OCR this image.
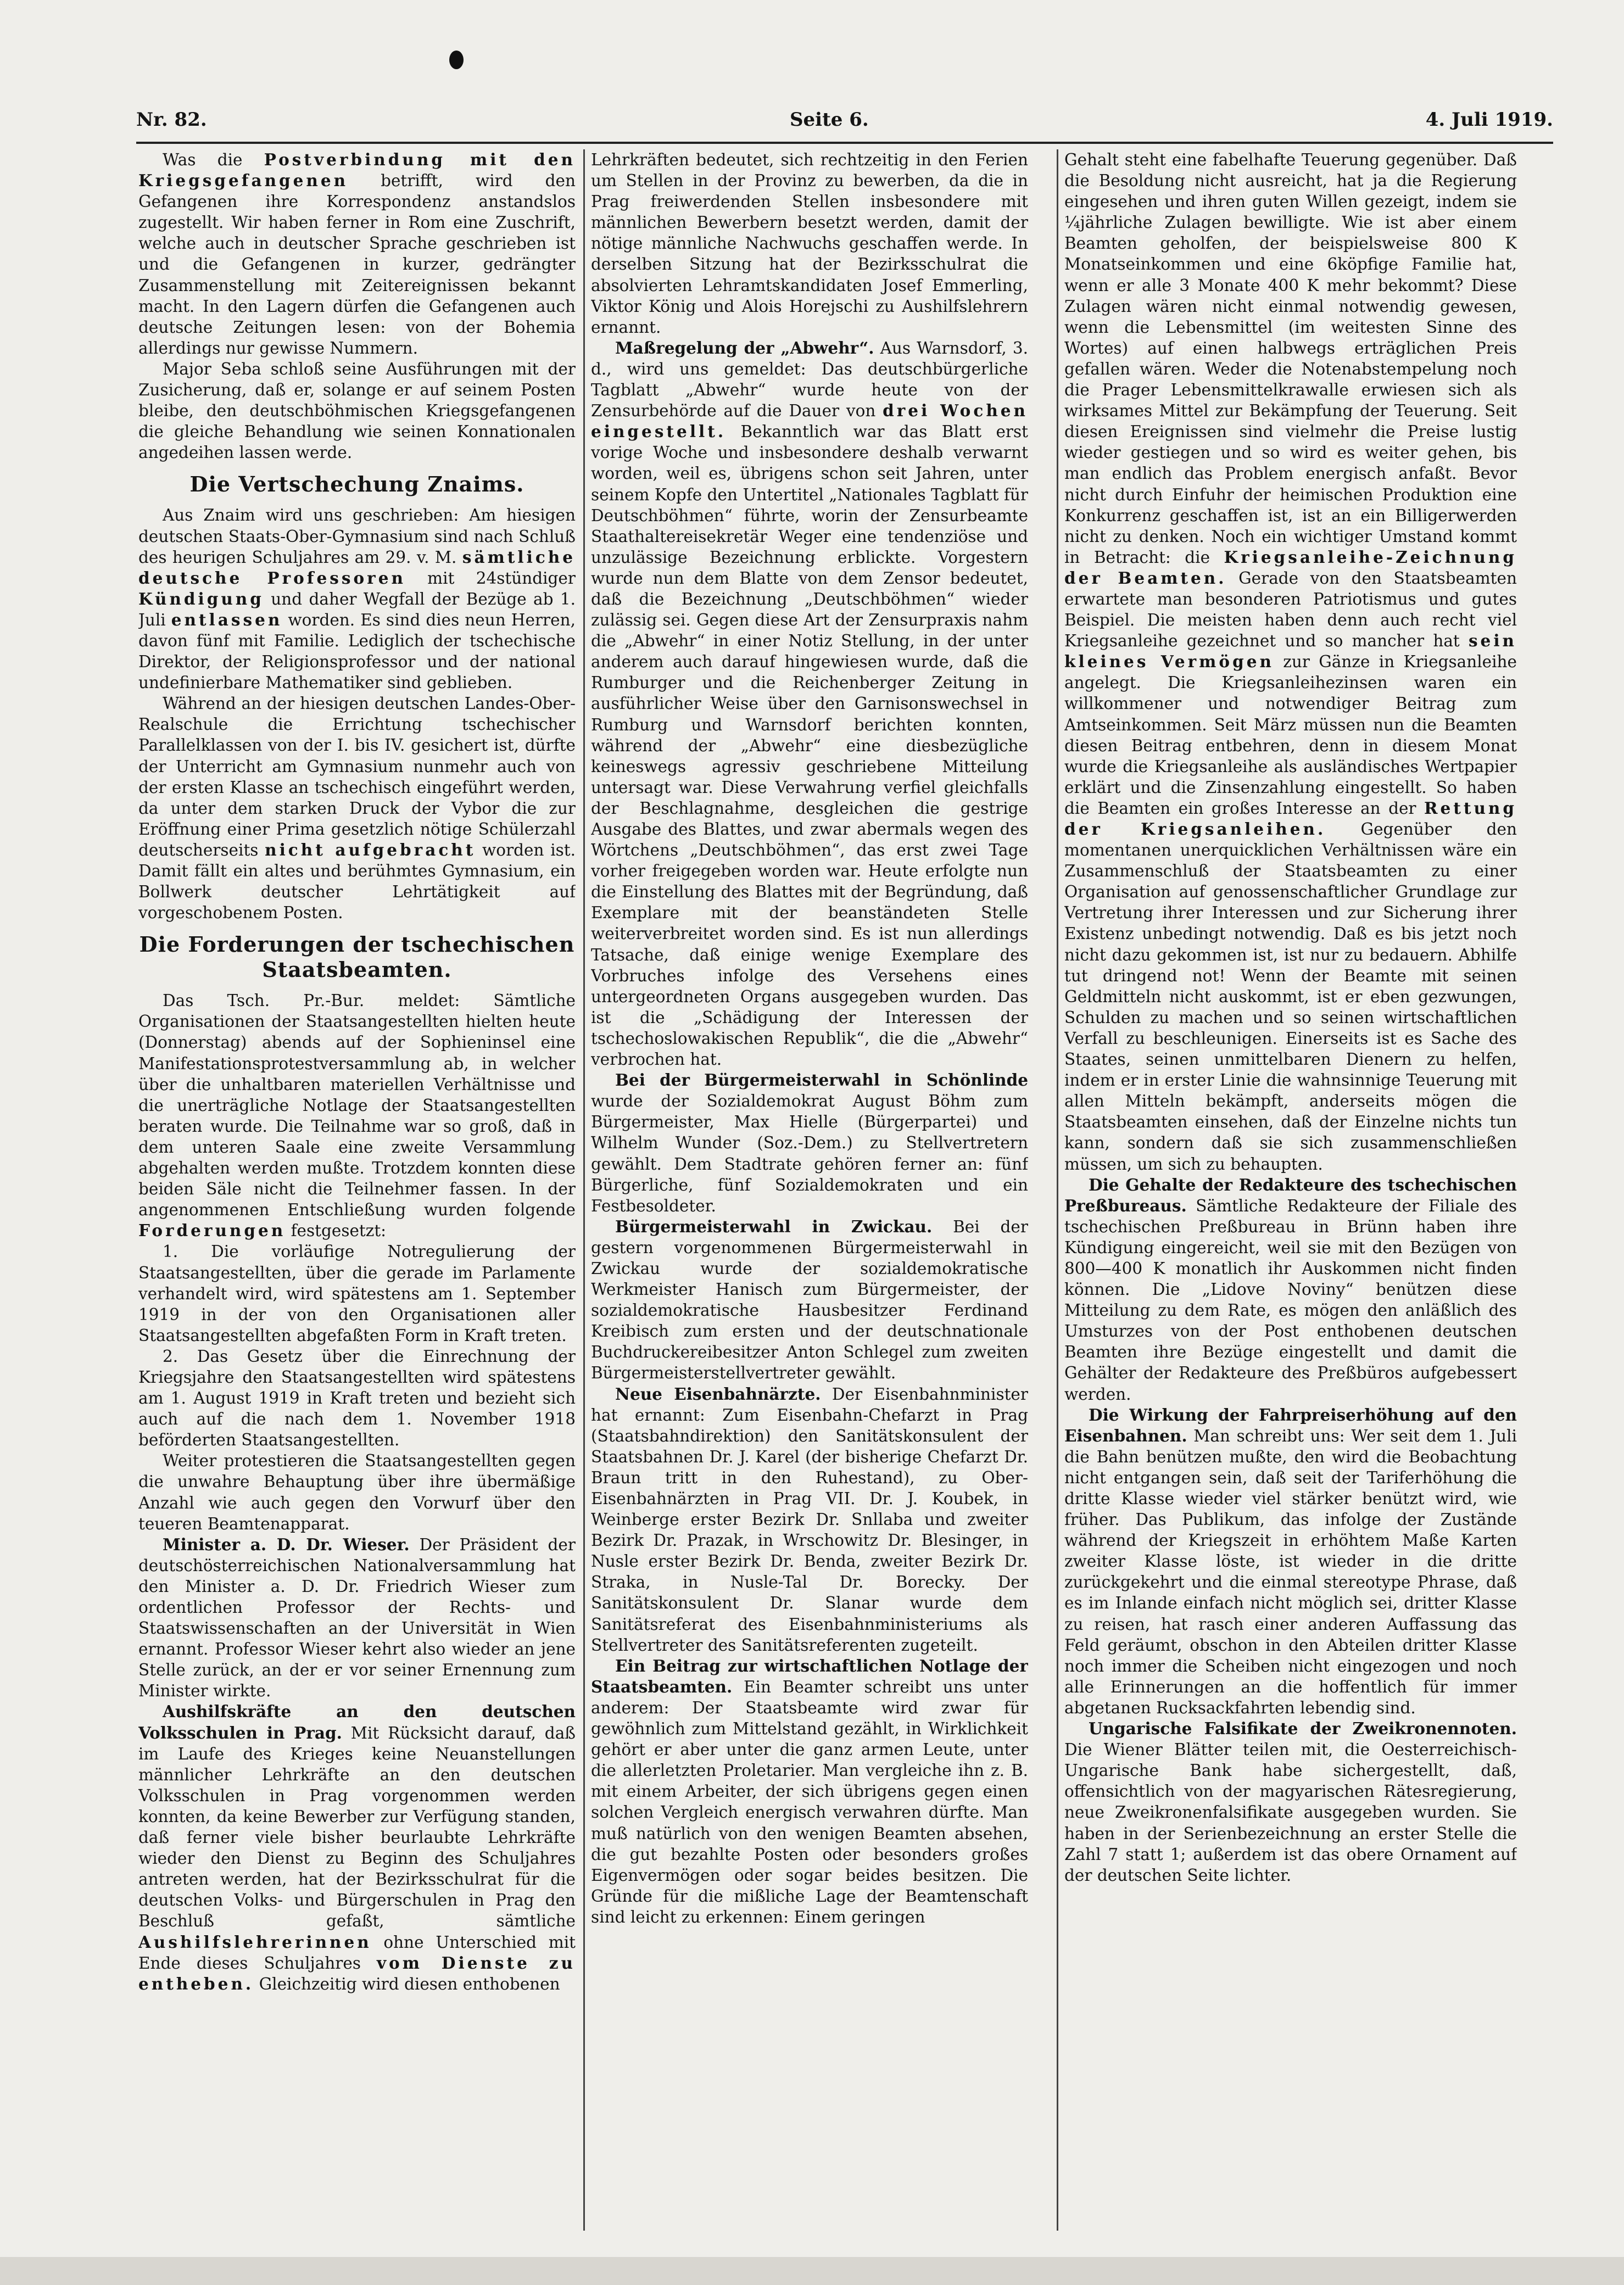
Nr. 82.	Seite 6.	4. Juli 1919.

Was die Postverbindung mit den Kriegsgefangenen betrifft, wird den Gefangenen ihre Korrespondenz anstandslos zugestellt. Wir haben ferner in Rom eine Zuschrift, welche auch in deutscher Sprache geschrieben ist und die Gefangenen in kurzer, gedrängter Zusammenstellung mit Zeitereignissen bekannt macht. In den Lagern dürfen die Gefangenen auch deutsche Zeitungen lesen: von der Bohemia allerdings nur gewisse Nummern.

Major Seba schloß seine Ausführungen mit der Zusicherung, daß er, solange er auf seinem Posten bleibe, den deutschböhmischen Kriegsgefangenen die gleiche Behandlung wie seinen Konnationalen angedeihen lassen werde.

Die Vertschechung Znaims.

Aus Znaim wird uns geschrieben: Am hiesigen deutschen Staats-Ober-Gymnasium sind nach Schluß des heurigen Schuljahres am 29. v. M. sämtliche deutsche Professoren mit 24stündiger Kündigung und daher Wegfall der Bezüge ab 1. Juli entlassen worden. Es sind dies neun Herren, davon fünf mit Familie. Lediglich der tschechische Direktor, der Religionsprofessor und der national undefinierbare Mathematiker sind geblieben.

Während an der hiesigen deutschen Landes-Ober-Realschule die Errichtung tschechischer Parallelklassen von der I. bis IV. gesichert ist, dürfte der Unterricht am Gymnasium nunmehr auch von der ersten Klasse an tschechisch eingeführt werden, da unter dem starken Druck der Vybor die zur Eröffnung einer Prima gesetzlich nötige Schülerzahl deutscherseits nicht aufgebracht worden ist. Damit fällt ein altes und berühmtes Gymnasium, ein Bollwerk deutscher Lehrtätigkeit auf vorgeschobenem Posten.

Die Forderungen der tschechischen Staatsbeamten.

Das Tsch. Pr.-Bur. meldet: Sämtliche Organisationen der Staatsangestellten hielten heute (Donnerstag) abends auf der Sophieninsel eine Manifestationsprotestversammlung ab, in welcher über die unhaltbaren materiellen Verhältnisse und die unerträgliche Notlage der Staatsangestellten beraten wurde. Die Teilnahme war so groß, daß in dem unteren Saale eine zweite Versammlung abgehalten werden mußte. Trotzdem konnten diese beiden Säle nicht die Teilnehmer fassen. In der angenommenen Entschließung wurden folgende Forderungen festgesetzt:

1. Die vorläufige Notregulierung der Staatsangestellten, über die gerade im Parlamente verhandelt wird, wird spätestens am 1. September 1919 in der von den Organisationen aller Staatsangestellten abgefaßten Form in Kraft treten.

2. Das Gesetz über die Einrechnung der Kriegsjahre den Staatsangestellten wird spätestens am 1. August 1919 in Kraft treten und bezieht sich auch auf die nach dem 1. November 1918 beförderten Staatsangestellten.

Weiter protestieren die Staatsangestellten gegen die unwahre Behauptung über ihre übermäßige Anzahl wie auch gegen den Vorwurf über den teueren Beamtenapparat.

Minister a. D. Dr. Wieser. Der Präsident der deutschösterreichischen Nationalversammlung hat den Minister a. D. Dr. Friedrich Wieser zum ordentlichen Professor der Rechts- und Staatswissenschaften an der Universität in Wien ernannt. Professor Wieser kehrt also wieder an jene Stelle zurück, an der er vor seiner Ernennung zum Minister wirkte.

Aushilfskräfte an den deutschen Volksschulen in Prag. Mit Rücksicht darauf, daß im Laufe des Krieges keine Neuanstellungen männlicher Lehrkräfte an den deutschen Volksschulen in Prag vorgenommen werden konnten, da keine Bewerber zur Verfügung standen, daß ferner viele bisher beurlaubte Lehrkräfte wieder den Dienst zu Beginn des Schuljahres antreten werden, hat der Bezirksschulrat für die deutschen Volks- und Bürgerschulen in Prag den Beschluß gefaßt, sämtliche Aushilfslehrerinnen ohne Unterschied mit Ende dieses Schuljahres vom Dienste zu entheben. Gleichzeitig wird diesen enthobenen

Lehrkräften bedeutet, sich rechtzeitig in den Ferien um Stellen in der Provinz zu bewerben, da die in Prag freiwerdenden Stellen insbesondere mit männlichen Bewerbern besetzt werden, damit der nötige männliche Nachwuchs geschaffen werde. In derselben Sitzung hat der Bezirksschulrat die absolvierten Lehramtskandidaten Josef Emmerling, Viktor König und Alois Horejschi zu Aushilfslehrern ernannt.

Maßregelung der „Abwehr“. Aus Warnsdorf, 3. d., wird uns gemeldet: Das deutschbürgerliche Tagblatt „Abwehr“ wurde heute von der Zensurbehörde auf die Dauer von drei Wochen eingestellt. Bekanntlich war das Blatt erst vorige Woche und insbesondere deshalb verwarnt worden, weil es, übrigens schon seit Jahren, unter seinem Kopfe den Untertitel „Nationales Tagblatt für Deutschböhmen“ führte, worin der Zensurbeamte Staathaltereisekretär Weger eine tendenziöse und unzulässige Bezeichnung erblickte. Vorgestern wurde nun dem Blatte von dem Zensor bedeutet, daß die Bezeichnung „Deutschböhmen“ wieder zulässig sei. Gegen diese Art der Zensurpraxis nahm die „Abwehr“ in einer Notiz Stellung, in der unter anderem auch darauf hingewiesen wurde, daß die Rumburger und die Reichenberger Zeitung in ausführlicher Weise über den Garnisonswechsel in Rumburg und Warnsdorf berichten konnten, während der „Abwehr“ eine diesbezügliche keineswegs agressiv geschriebene Mitteilung untersagt war. Diese Verwahrung verfiel gleichfalls der Beschlagnahme, desgleichen die gestrige Ausgabe des Blattes, und zwar abermals wegen des Wörtchens „Deutschböhmen“, das erst zwei Tage vorher freigegeben worden war. Heute erfolgte nun die Einstellung des Blattes mit der Begründung, daß Exemplare mit der beanständeten Stelle weiterverbreitet worden sind. Es ist nun allerdings Tatsache, daß einige wenige Exemplare des Vorbruches infolge des Versehens eines untergeordneten Organs ausgegeben wurden. Das ist die „Schädigung der Interessen der tschechoslowakischen Republik“, die die „Abwehr“ verbrochen hat.

Bei der Bürgermeisterwahl in Schönlinde wurde der Sozialdemokrat August Böhm zum Bürgermeister, Max Hielle (Bürgerpartei) und Wilhelm Wunder (Soz.-Dem.) zu Stellvertretern gewählt. Dem Stadtrate gehören ferner an: fünf Bürgerliche, fünf Sozialdemokraten und ein Festbesoldeter.

Bürgermeisterwahl in Zwickau. Bei der gestern vorgenommenen Bürgermeisterwahl in Zwickau wurde der sozialdemokratische Werkmeister Hanisch zum Bürgermeister, der sozialdemokratische Hausbesitzer Ferdinand Kreibisch zum ersten und der deutschnationale Buchdruckereibesitzer Anton Schlegel zum zweiten Bürgermeisterstellvertreter gewählt.

Neue Eisenbahnärzte. Der Eisenbahnminister hat ernannt: Zum Eisenbahn-Chefarzt in Prag (Staatsbahndirektion) den Sanitätskonsulent der Staatsbahnen Dr. J. Karel (der bisherige Chefarzt Dr. Braun tritt in den Ruhestand), zu Ober-Eisenbahnärzten in Prag VII. Dr. J. Koubek, in Weinberge erster Bezirk Dr. Snllaba und zweiter Bezirk Dr. Prazak, in Wrschowitz Dr. Blesinger, in Nusle erster Bezirk Dr. Benda, zweiter Bezirk Dr. Straka, in Nusle-Tal Dr. Borecky. Der Sanitätskonsulent Dr. Slanar wurde dem Sanitätsreferat des Eisenbahnministeriums als Stellvertreter des Sanitätsreferenten zugeteilt.

Ein Beitrag zur wirtschaftlichen Notlage der Staatsbeamten. Ein Beamter schreibt uns unter anderem: Der Staatsbeamte wird zwar für gewöhnlich zum Mittelstand gezählt, in Wirklichkeit gehört er aber unter die ganz armen Leute, unter die allerletzten Proletarier. Man vergleiche ihn z. B. mit einem Arbeiter, der sich übrigens gegen einen solchen Vergleich energisch verwahren dürfte. Man muß natürlich von den wenigen Beamten absehen, die gut bezahlte Posten oder besonders großes Eigenvermögen oder sogar beides besitzen. Die Gründe für die mißliche Lage der Beamtenschaft sind leicht zu erkennen: Einem geringen

Gehalt steht eine fabelhafte Teuerung gegenüber. Daß die Besoldung nicht ausreicht, hat ja die Regierung eingesehen und ihren guten Willen gezeigt, indem sie ¼jährliche Zulagen bewilligte. Wie ist aber einem Beamten geholfen, der beispielsweise 800 K Monatseinkommen und eine 6köpfige Familie hat, wenn er alle 3 Monate 400 K mehr bekommt? Diese Zulagen wären nicht einmal notwendig gewesen, wenn die Lebensmittel (im weitesten Sinne des Wortes) auf einen halbwegs erträglichen Preis gefallen wären. Weder die Notenabstempelung noch die Prager Lebensmittelkrawalle erwiesen sich als wirksames Mittel zur Bekämpfung der Teuerung. Seit diesen Ereignissen sind vielmehr die Preise lustig wieder gestiegen und so wird es weiter gehen, bis man endlich das Problem energisch anfaßt. Bevor nicht durch Einfuhr der heimischen Produktion eine Konkurrenz geschaffen ist, ist an ein Billigerwerden nicht zu denken. Noch ein wichtiger Umstand kommt in Betracht: die Kriegsanleihe-Zeichnung der Beamten. Gerade von den Staatsbeamten erwartete man besonderen Patriotismus und gutes Beispiel. Die meisten haben denn auch recht viel Kriegsanleihe gezeichnet und so mancher hat sein kleines Vermögen zur Gänze in Kriegsanleihe angelegt. Die Kriegsanleihezinsen waren ein willkommener und notwendiger Beitrag zum Amtseinkommen. Seit März müssen nun die Beamten diesen Beitrag entbehren, denn in diesem Monat wurde die Kriegsanleihe als ausländisches Wertpapier erklärt und die Zinsenzahlung eingestellt. So haben die Beamten ein großes Interesse an der Rettung der Kriegsanleihen. Gegenüber den momentanen unerquicklichen Verhältnissen wäre ein Zusammenschluß der Staatsbeamten zu einer Organisation auf genossenschaftlicher Grundlage zur Vertretung ihrer Interessen und zur Sicherung ihrer Existenz unbedingt notwendig. Daß es bis jetzt noch nicht dazu gekommen ist, ist nur zu bedauern. Abhilfe tut dringend not! Wenn der Beamte mit seinen Geldmitteln nicht auskommt, ist er eben gezwungen, Schulden zu machen und so seinen wirtschaftlichen Verfall zu beschleunigen. Einerseits ist es Sache des Staates, seinen unmittelbaren Dienern zu helfen, indem er in erster Linie die wahnsinnige Teuerung mit allen Mitteln bekämpft, anderseits mögen die Staatsbeamten einsehen, daß der Einzelne nichts tun kann, sondern daß sie sich zusammenschließen müssen, um sich zu behaupten.

Die Gehalte der Redakteure des tschechischen Preßbureaus. Sämtliche Redakteure der Filiale des tschechischen Preßbureau in Brünn haben ihre Kündigung eingereicht, weil sie mit den Bezügen von 800—400 K monatlich ihr Auskommen nicht finden können. Die „Lidove Noviny“ benützen diese Mitteilung zu dem Rate, es mögen den anläßlich des Umsturzes von der Post enthobenen deutschen Beamten ihre Bezüge eingestellt und damit die Gehälter der Redakteure des Preßbüros aufgebessert werden.

Die Wirkung der Fahrpreiserhöhung auf den Eisenbahnen. Man schreibt uns: Wer seit dem 1. Juli die Bahn benützen mußte, den wird die Beobachtung nicht entgangen sein, daß seit der Tariferhöhung die dritte Klasse wieder viel stärker benützt wird, wie früher. Das Publikum, das infolge der Zustände während der Kriegszeit in erhöhtem Maße Karten zweiter Klasse löste, ist wieder in die dritte zurückgekehrt und die einmal stereotype Phrase, daß es im Inlande einfach nicht möglich sei, dritter Klasse zu reisen, hat rasch einer anderen Auffassung das Feld geräumt, obschon in den Abteilen dritter Klasse noch immer die Scheiben nicht eingezogen und noch alle Erinnerungen an die hoffentlich für immer abgetanen Rucksackfahrten lebendig sind.

Ungarische Falsifikate der Zweikronennoten. Die Wiener Blätter teilen mit, die Oesterreichisch-Ungarische Bank habe sichergestellt, daß, offensichtlich von der magyarischen Rätesregierung, neue Zweikronenfalsifikate ausgegeben wurden. Sie haben in der Serienbezeichnung an erster Stelle die Zahl 7 statt 1; außerdem ist das obere Ornament auf der deutschen Seite lichter.
